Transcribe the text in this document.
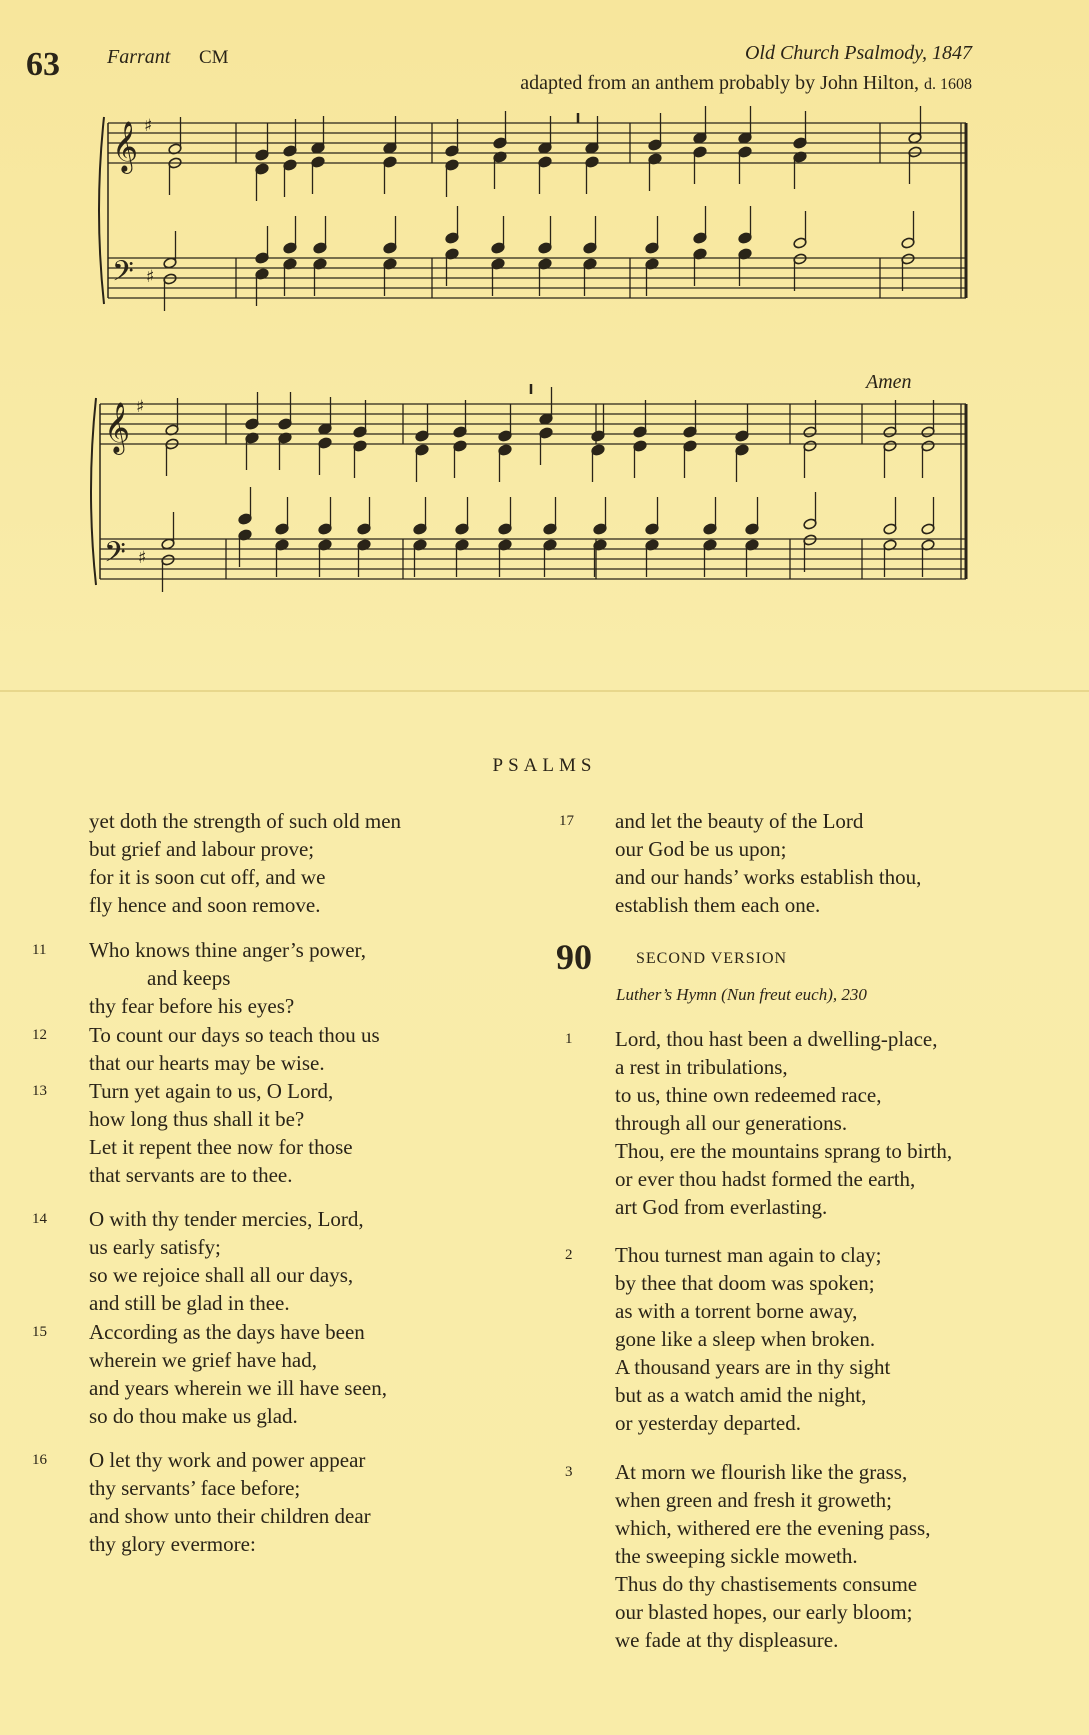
63 Farrant CM	Old Church Psalmody, 1847
adapted from an anthem probably by John Hilton, d. 1608
Amen
𝄞
𝄢
♯
♯
𝄞
𝄢
♯
♯
PSALMS
yet doth the strength of such old men
but grief and labour prove;
for it is soon cut off, and we
fly hence and soon remove.
11 Who knows thine anger’s power,
and keeps
thy fear before his eyes?
12 To count our days so teach thou us
that our hearts may be wise.
13 Turn yet again to us, O Lord,
how long thus shall it be?
Let it repent thee now for those
that servants are to thee.
14 O with thy tender mercies, Lord,
us early satisfy;
so we rejoice shall all our days,
and still be glad in thee.
15 According as the days have been
wherein we grief have had,
and years wherein we ill have seen,
so do thou make us glad.
16 O let thy work and power appear
thy servants’ face before;
and show unto their children dear
thy glory evermore:
17 and let the beauty of the Lord
our God be us upon;
and our hands’ works establish thou,
establish them each one.
1 Lord, thou hast been a dwelling-place,
a rest in tribulations,
to us, thine own redeemed race,
through all our generations.
Thou, ere the mountains sprang to birth,
or ever thou hadst formed the earth,
art God from everlasting.
2 Thou turnest man again to clay;
by thee that doom was spoken;
as with a torrent borne away,
gone like a sleep when broken.
A thousand years are in thy sight
but as a watch amid the night,
or yesterday departed.
3 At morn we flourish like the grass,
when green and fresh it groweth;
which, withered ere the evening pass,
the sweeping sickle moweth.
Thus do thy chastisements consume
our blasted hopes, our early bloom;
we fade at thy displeasure.
90	SECOND VERSION
Luther’s Hymn (Nun freut euch), 230
